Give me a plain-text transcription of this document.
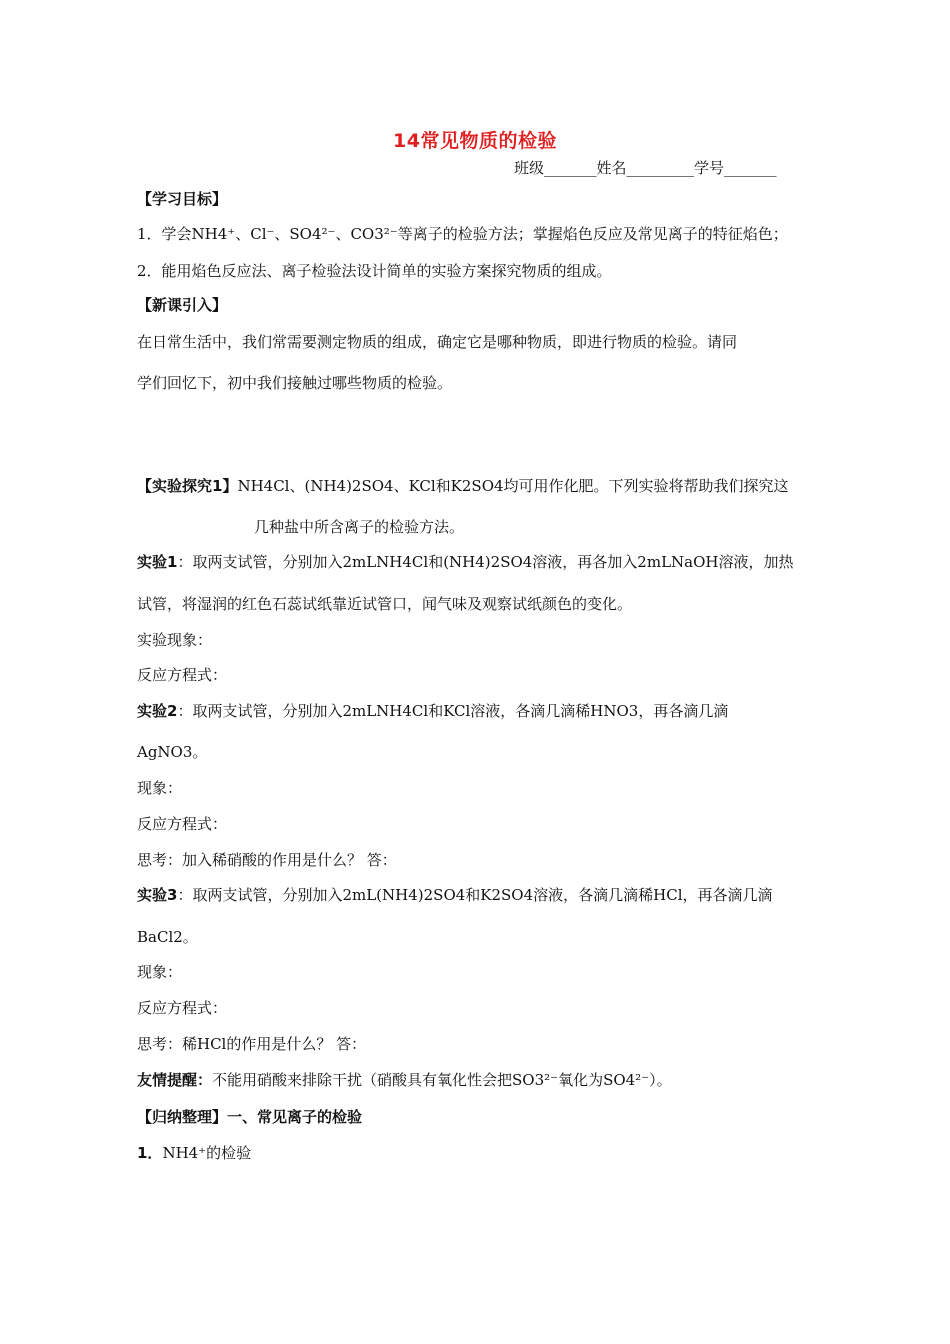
14常见物质的检验
班级_______姓名_________学号_______
【学习目标】
1．学会NH4⁺、Cl⁻、SO4²⁻、CO3²⁻等离子的检验方法；掌握焰色反应及常见离子的特征焰色；
2．能用焰色反应法、离子检验法设计简单的实验方案探究物质的组成。
【新课引入】
在日常生活中，我们常需要测定物质的组成，确定它是哪种物质，即进行物质的检验。请同
学们回忆下，初中我们接触过哪些物质的检验。
【实验探究1】NH4Cl、(NH4)2SO4、KCl和K2SO4均可用作化肥。下列实验将帮助我们探究这
几种盐中所含离子的检验方法。
实验1：取两支试管，分别加入2mLNH4Cl和(NH4)2SO4溶液，再各加入2mLNaOH溶液，加热
试管，将湿润的红色石蕊试纸靠近试管口，闻气味及观察试纸颜色的变化。
实验现象：
反应方程式：
实验2：取两支试管，分别加入2mLNH4Cl和KCl溶液，各滴几滴稀HNO3，再各滴几滴
AgNO3。
现象：
反应方程式：
思考：加入稀硝酸的作用是什么？ 答：
实验3：取两支试管，分别加入2mL(NH4)2SO4和K2SO4溶液，各滴几滴稀HCl，再各滴几滴
BaCl2。
现象：
反应方程式：
思考：稀HCl的作用是什么？ 答：
友情提醒：不能用硝酸来排除干扰（硝酸具有氧化性会把SO3²⁻氧化为SO4²⁻）。
【归纳整理】一、常见离子的检验
1．NH4⁺的检验
